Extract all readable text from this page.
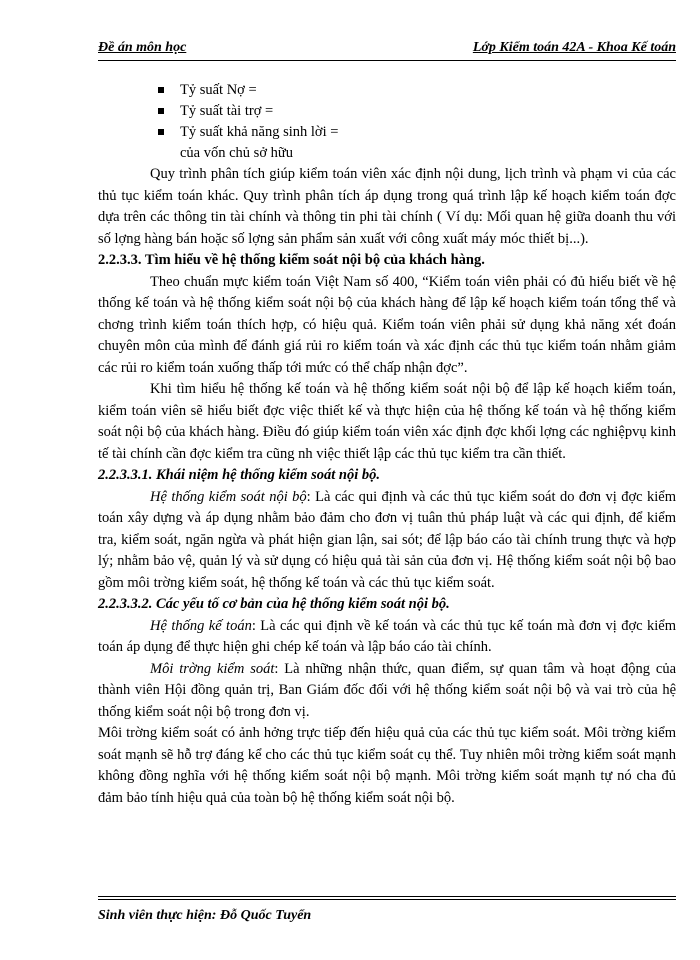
Đề án môn học	Lớp Kiểm toán 42A - Khoa Kế toán
Tỷ suất Nợ =
Tỷ suất tài trợ =
Tỷ suất khả năng sinh lời =
của vốn chủ sở hữu

Quy trình phân tích giúp kiểm toán viên xác định nội dung, lịch trình và phạm vi của các thủ tục kiểm toán khác. Quy trình phân tích áp dụng trong quá trình lập kế hoạch kiểm toán đợc dựa trên các thông tin tài chính và thông tin phi tài chính ( Ví dụ: Mối quan hệ giữa doanh thu với số lợng hàng bán hoặc số lợng sản phẩm sản xuất với công xuất máy móc thiết bị...).

2.2.3.3. Tìm hiểu về hệ thống kiểm soát nội bộ của khách hàng.

Theo chuẩn mực kiểm toán Việt Nam số 400, “Kiểm toán viên phải có đủ hiểu biết về hệ thống kế toán và hệ thống kiểm soát nội bộ của khách hàng để lập kế hoạch kiểm toán tổng thể và chơng trình kiểm toán thích hợp, có hiệu quả. Kiểm toán viên phải sử dụng khả năng xét đoán chuyên môn của mình để đánh giá rủi ro kiểm toán và xác định các thủ tục kiểm toán nhằm giảm các rủi ro kiểm toán xuống thấp tới mức có thể chấp nhận đợc”.

Khi tìm hiểu hệ thống kế toán và hệ thống kiểm soát nội bộ để lập kế hoạch kiểm toán, kiểm toán viên sẽ hiểu biết đợc việc thiết kế và thực hiện của hệ thống kế toán và hệ thống kiểm soát nội bộ của khách hàng. Điều đó giúp kiểm toán viên xác định đợc khối lợng các nghiệpvụ kinh tế tài chính cần đợc kiểm tra cũng nh việc thiết lập các thủ tục kiểm tra cần thiết.

2.2.3.3.1. Khái niệm hệ thống kiểm soát nội bộ.

Hệ thống kiểm soát nội bộ: Là các qui định và các thủ tục kiểm soát do đơn vị đợc kiểm toán xây dựng và áp dụng nhằm bảo đảm cho đơn vị tuân thủ pháp luật và các qui định, để kiểm tra, kiểm soát, ngăn ngừa và phát hiện gian lận, sai sót; để lập báo cáo tài chính trung thực và hợp lý; nhằm bảo vệ, quản lý và sử dụng có hiệu quả tài sản của đơn vị. Hệ thống kiểm soát nội bộ bao gồm môi trờng kiểm soát, hệ thống kế toán và các thủ tục kiểm soát.

2.2.3.3.2. Các yếu tố cơ bản của hệ thống kiểm soát nội bộ.

Hệ thống kế toán: Là các qui định về kế toán và các thủ tục kế toán mà đơn vị đợc kiểm toán áp dụng để thực hiện ghi chép kế toán và lập báo cáo tài chính.

Môi trờng kiểm soát: Là những nhận thức, quan điểm, sự quan tâm và hoạt động của thành viên Hội đồng quản trị, Ban Giám đốc đối với hệ thống kiểm soát nội bộ và vai trò của hệ thống kiểm soát nội bộ trong đơn vị.

Môi trờng kiểm soát có ảnh hởng trực tiếp đến hiệu quả của các thủ tục kiểm soát. Môi trờng kiểm soát mạnh sẽ hỗ trợ đáng kể cho các thủ tục kiểm soát cụ thể. Tuy nhiên môi trờng kiểm soát mạnh không đồng nghĩa với hệ thống kiểm soát nội bộ mạnh. Môi trờng kiểm soát mạnh tự nó cha đủ đảm bảo tính hiệu quả của toàn bộ hệ thống kiểm soát nội bộ.

Sinh viên thực hiện: Đỗ Quốc Tuyển
